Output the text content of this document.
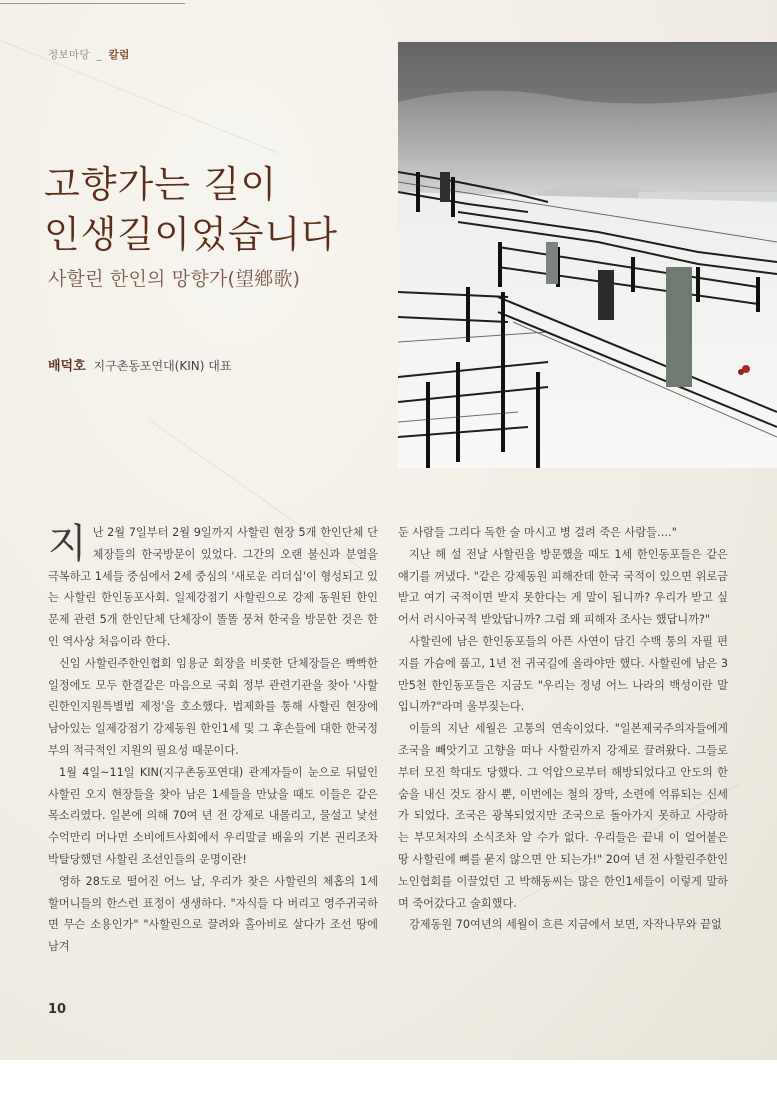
정보마당 _ 칼럼
고향가는 길이
인생길이었습니다
사할린 한인의 망향가(望鄕歌)
배덕호 지구촌동포연대(KIN) 대표

지난 2월 7일부터 2월 9일까지 사할린 현장 5개 한인단체 단체장들의 한국방문이 있었다. 그간의 오랜 불신과 분열을 극복하고 1세들 중심에서 2세 중심의 '새로운 리더십'이 형성되고 있는 사할린 한인동포사회. 일제강점기 사할린으로 강제 동원된 한인문제 관련 5개 한인단체 단체장이 똘똘 뭉쳐 한국을 방문한 것은 한인 역사상 처음이라 한다.

신임 사할린주한인협회 임용군 회장을 비롯한 단체장들은 빡빡한 일정에도 모두 한결같은 마음으로 국회 정부 관련기관을 찾아 '사할린한인지원특별법 제정'을 호소했다. 법제화를 통해 사할린 현장에 남아있는 일제강점기 강제동원 한인1세 및 그 후손들에 대한 한국정부의 적극적인 지원의 필요성 때문이다.

1월 4일~11일 KIN(지구촌동포연대) 관계자들이 눈으로 뒤덮인 사할린 오지 현장들을 찾아 남은 1세들을 만났을 때도 이들은 같은 목소리였다. 일본에 의해 70여 년 전 강제로 내몰리고, 물설고 낯선 수억만리 머나먼 소비에트사회에서 우리말글 배움의 기본 권리조차 박탈당했던 사할린 조선인들의 운명이란!

영하 28도로 떨어진 어느 날, 우리가 찾은 사할린의 체홉의 1세 할머니들의 한스런 표정이 생생하다. "자식들 다 버리고 영주귀국하면 무슨 소용인가" "사할린으로 끌려와 홀아비로 살다가 조선 땅에 남겨

둔 사람들 그리다 독한 술 마시고 병 걸려 죽은 사람들…."

지난 해 설 전날 사할린을 방문했을 때도 1세 한인동포들은 같은 얘기를 꺼냈다. "같은 강제동원 피해잔데 한국 국적이 있으면 위로금 받고 여기 국적이면 받지 못한다는 게 말이 됩니까? 우리가 받고 싶어서 러시아국적 받았답니까? 그럼 왜 피해자 조사는 했답니까?"

사할린에 남은 한인동포들의 아픈 사연이 담긴 수백 통의 자필 편지를 가슴에 품고, 1년 전 귀국길에 올라야만 했다. 사할린에 남은 3만5천 한인동포들은 지금도 "우리는 정녕 어느 나라의 백성이란 말입니까?"라며 울부짖는다.

이들의 지난 세월은 고통의 연속이었다. "일본제국주의자들에게 조국을 빼앗기고 고향을 떠나 사할린까지 강제로 끌려왔다. 그들로부터 모진 학대도 당했다. 그 억압으로부터 해방되었다고 안도의 한숨을 내신 것도 잠시 뿐, 이번에는 철의 장막, 소련에 억류되는 신세가 되었다. 조국은 광복되었지만 조국으로 돌아가지 못하고 사랑하는 부모처자의 소식조차 알 수가 없다. 우리들은 끝내 이 얼어붙은 땅 사할린에 뼈를 묻지 않으면 안 되는가!" 20여 년 전 사할린주한인노인협회를 이끌었던 고 박해동씨는 많은 한인1세들이 이렇게 말하며 죽어갔다고 술회했다.

강제동원 70여년의 세월이 흐른 지금에서 보면, 자작나무와 끝없

10
